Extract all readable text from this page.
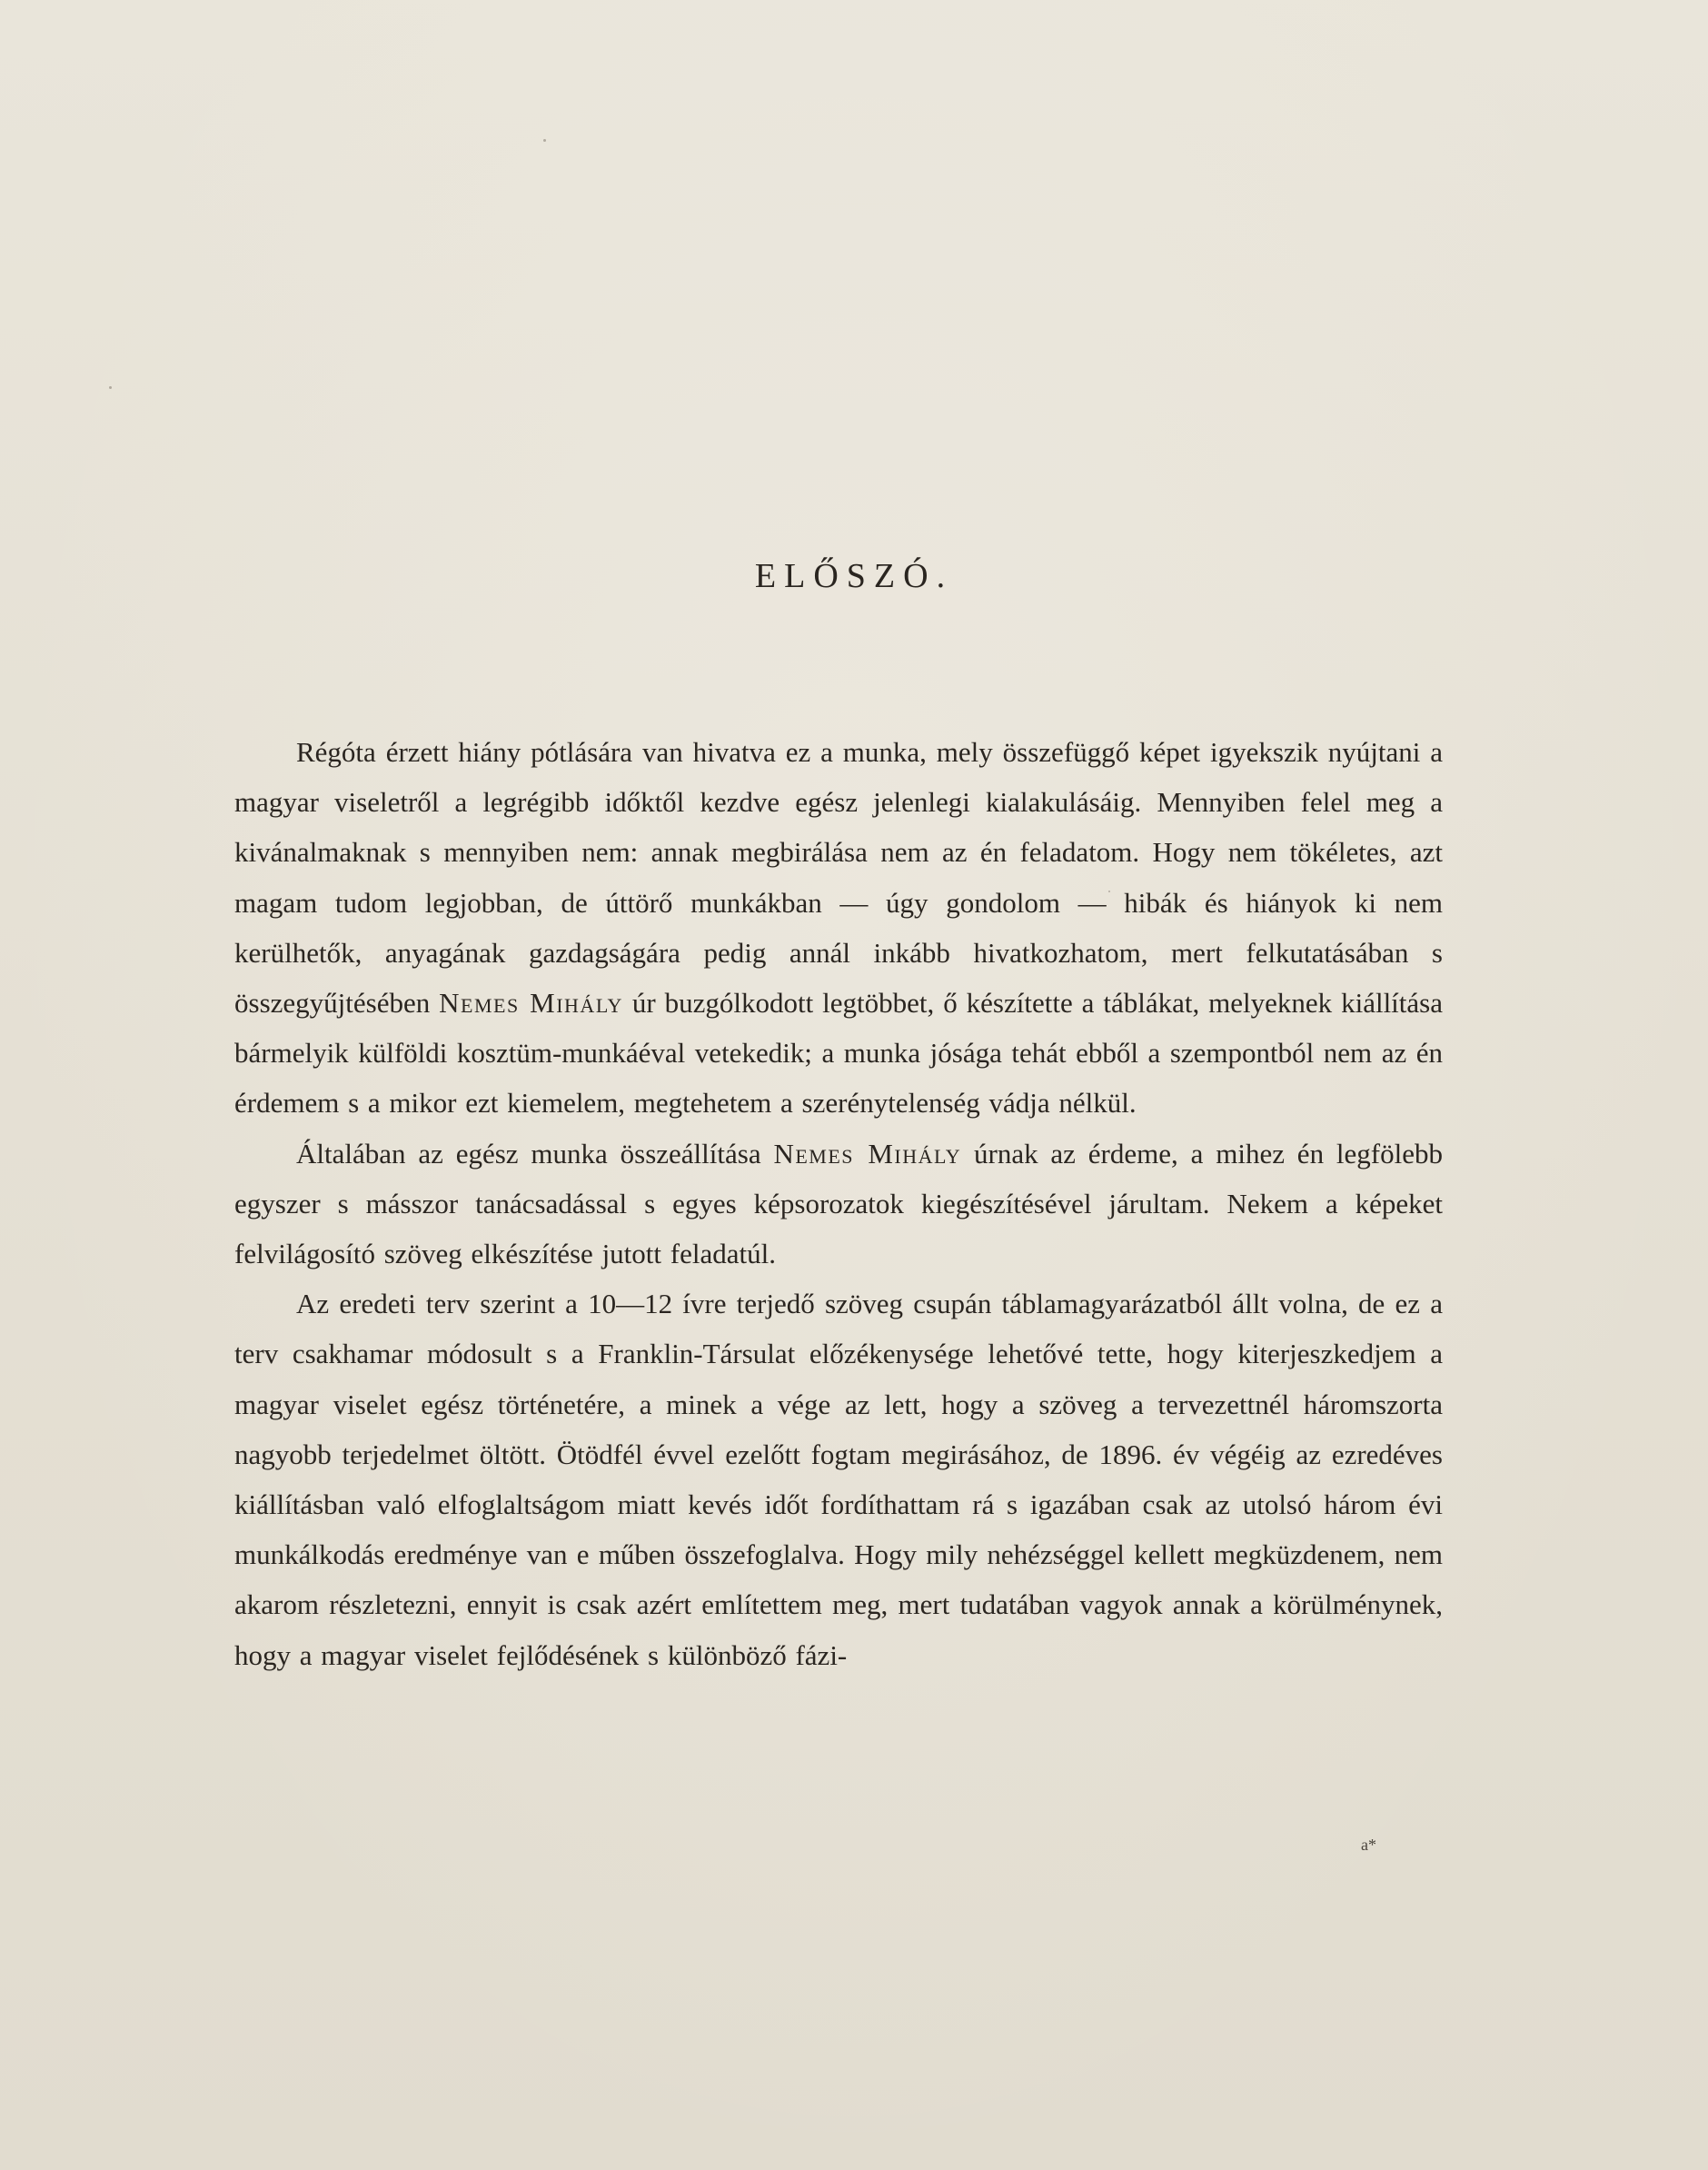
ELŐSZÓ.

Régóta érzett hiány pótlására van hivatva ez a munka, mely összefüggő képet igyekszik nyújtani a magyar viseletről a legrégibb időktől kezdve egész jelenlegi kialakulásáig. Mennyiben felel meg a kivánalmaknak s mennyiben nem: annak megbirálása nem az én feladatom. Hogy nem tökéletes, azt magam tudom legjobban, de úttörő munkákban — úgy gondolom — hibák és hiányok ki nem kerülhetők, anyagának gazdagságára pedig annál inkább hivatkozhatom, mert felkutatásában s összegyűjtésében Nemes Mihály úr buzgólkodott legtöbbet, ő készítette a táblákat, melyeknek kiállítása bármelyik külföldi kosztüm-munkáéval vetekedik; a munka jósága tehát ebből a szempontból nem az én érdemem s a mikor ezt kiemelem, megtehetem a szerénytelenség vádja nélkül.

Általában az egész munka összeállítása Nemes Mihály úrnak az érdeme, a mihez én legfölebb egyszer s másszor tanácsadással s egyes képsorozatok kiegészítésével járultam. Nekem a képeket felvilágosító szöveg elkészítése jutott feladatúl.

Az eredeti terv szerint a 10—12 ívre terjedő szöveg csupán táblamagyarázatból állt volna, de ez a terv csakhamar módosult s a Franklin-Társulat előzékenysége lehetővé tette, hogy kiterjeszkedjem a magyar viselet egész történetére, a minek a vége az lett, hogy a szöveg a tervezettnél háromszorta nagyobb terjedelmet öltött. Ötödfél évvel ezelőtt fogtam megirásához, de 1896. év végéig az ezredéves kiállításban való elfoglaltságom miatt kevés időt fordíthattam rá s igazában csak az utolsó három évi munkálkodás eredménye van e műben összefoglalva. Hogy mily nehézséggel kellett megküzdenem, nem akarom részletezni, ennyit is csak azért említettem meg, mert tudatában vagyok annak a körülménynek, hogy a magyar viselet fejlődésének s különböző fázi-

a*
